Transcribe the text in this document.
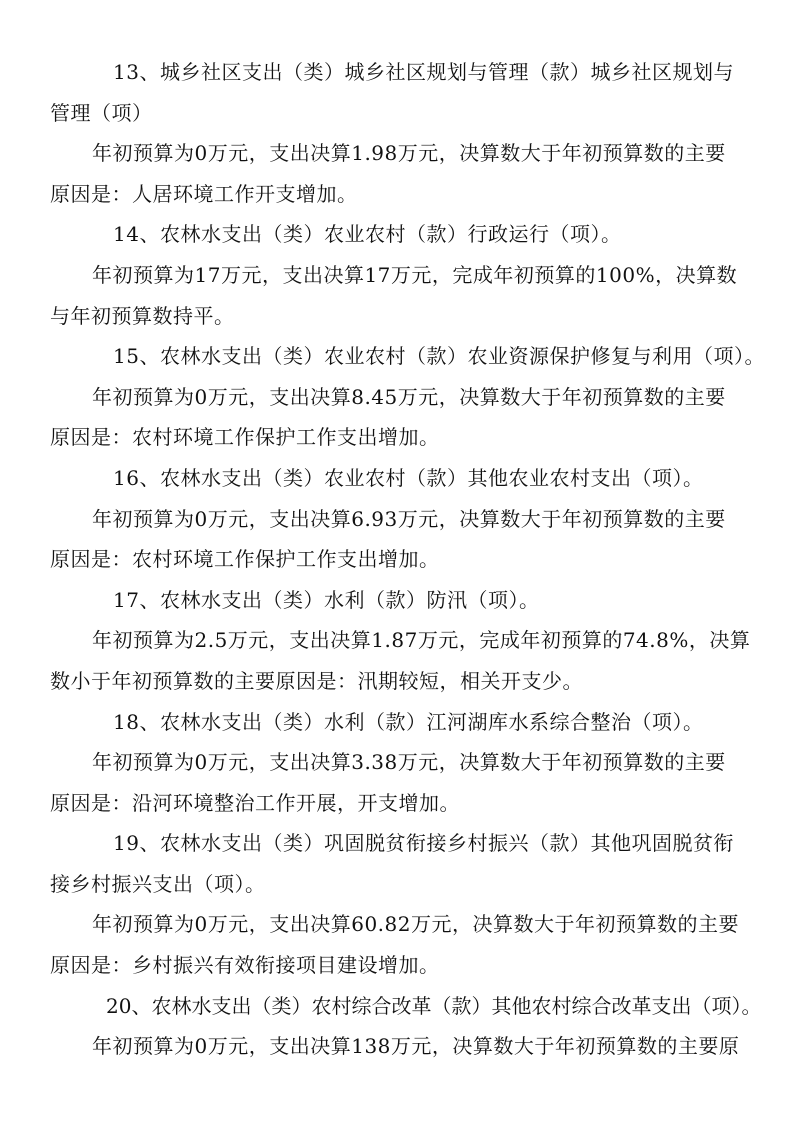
13、城乡社区支出（类）城乡社区规划与管理（款）城乡社区规划与
管理（项）
年初预算为0万元，支出决算1.98万元，决算数大于年初预算数的主要
原因是：人居环境工作开支增加。
14、农林水支出（类）农业农村（款）行政运行（项）。
年初预算为17万元，支出决算17万元，完成年初预算的100%，决算数
与年初预算数持平。
15、农林水支出（类）农业农村（款）农业资源保护修复与利用（项）。
年初预算为0万元，支出决算8.45万元，决算数大于年初预算数的主要
原因是：农村环境工作保护工作支出增加。
16、农林水支出（类）农业农村（款）其他农业农村支出（项）。
年初预算为0万元，支出决算6.93万元，决算数大于年初预算数的主要
原因是：农村环境工作保护工作支出增加。
17、农林水支出（类）水利（款）防汛（项）。
年初预算为2.5万元，支出决算1.87万元，完成年初预算的74.8%，决算
数小于年初预算数的主要原因是：汛期较短，相关开支少。
18、农林水支出（类）水利（款）江河湖库水系综合整治（项）。
年初预算为0万元，支出决算3.38万元，决算数大于年初预算数的主要
原因是：沿河环境整治工作开展，开支增加。
19、农林水支出（类）巩固脱贫衔接乡村振兴（款）其他巩固脱贫衔
接乡村振兴支出（项）。
年初预算为0万元，支出决算60.82万元，决算数大于年初预算数的主要
原因是：乡村振兴有效衔接项目建设增加。
20、农林水支出（类）农村综合改革（款）其他农村综合改革支出（项）。
年初预算为0万元，支出决算138万元，决算数大于年初预算数的主要原
